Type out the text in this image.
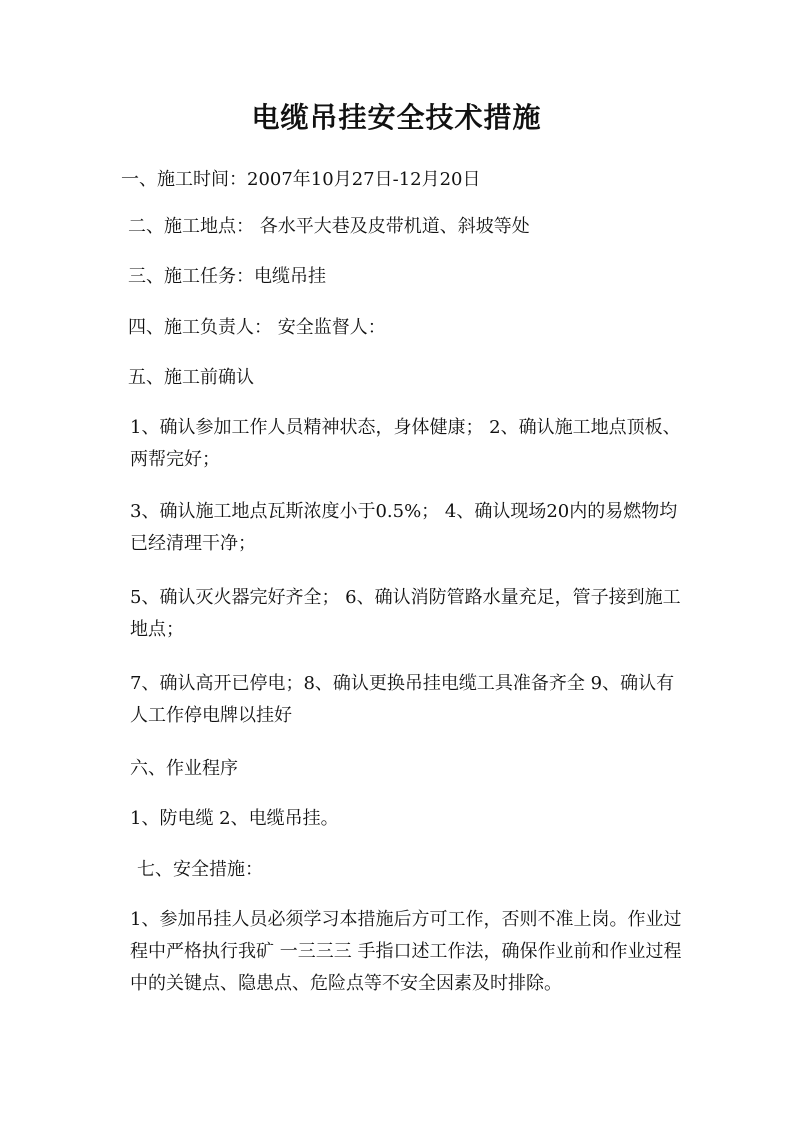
电缆吊挂安全技术措施
一、施工时间：2007年10月27日-12月20日
二、施工地点： 各水平大巷及皮带机道、斜坡等处
三、施工任务：电缆吊挂
四、施工负责人： 安全监督人：
五、施工前确认
1、确认参加工作人员精神状态，身体健康； 2、确认施工地点顶板、两帮完好；
3、确认施工地点瓦斯浓度小于0.5%； 4、确认现场20内的易燃物均已经清理干净；
5、确认灭火器完好齐全； 6、确认消防管路水量充足，管子接到施工地点；
7、确认高开已停电；8、确认更换吊挂电缆工具准备齐全 9、确认有人工作停电牌以挂好
六、作业程序
1、防电缆 2、电缆吊挂。
七、安全措施：
1、参加吊挂人员必须学习本措施后方可工作，否则不准上岗。作业过程中严格执行我矿 一三三三 手指口述工作法，确保作业前和作业过程中的关键点、隐患点、危险点等不安全因素及时排除。
